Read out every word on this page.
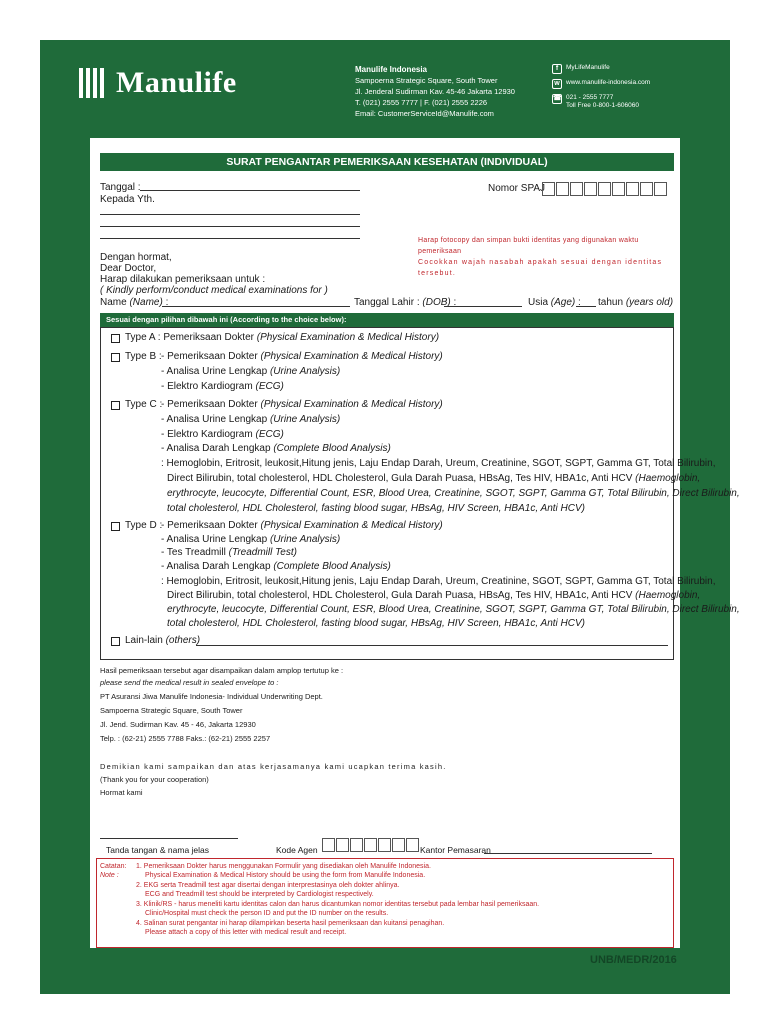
Manulife	Manulife Indonesia
Sampoerna Strategic Square, South Tower
Jl. Jenderal Sudirman Kav. 45-46 Jakarta 12930
T. (021) 2555 7777 | F. (021) 2555 2226
Email: CustomerServiceId@Manulife.com
f	MyLifeManulife
w www.manulife-indonesia.com
☎ 021 - 2555 7777
Toll Free 0-800-1-606060
SURAT PENGANTAR PEMERIKSAAN KESEHATAN (INDIVIDUAL)
Tanggal :
Kepada Yth.
Nomor SPAJ
Harap fotocopy dan simpan bukti identitas yang digunakan waktu pemeriksaan
Cocokkan wajah nasabah apakah sesuai dengan identitas tersebut.
Dengan hormat,
Dear Doctor,
Harap dilakukan pemeriksaan untuk :
( Kindly perform/conduct medical examinations for )
Name (Name) :	Tanggal Lahir : (DOB) :	Usia (Age) : tahun (years old)
Sesuai dengan pilihan dibawah ini (According to the choice below):
Type A : Pemeriksaan Dokter (Physical Examination & Medical History)
Type B : - Pemeriksaan Dokter (Physical Examination & Medical History)
- Analisa Urine Lengkap (Urine Analysis)
- Elektro Kardiogram (ECG)
Type C :
- Pemeriksaan Dokter (Physical Examination & Medical History)
- Analisa Urine Lengkap (Urine Analysis)
- Elektro Kardiogram (ECG)
- Analisa Darah Lengkap (Complete Blood Analysis)
: Hemoglobin, Eritrosit, leukosit,Hitung jenis, Laju Endap Darah, Ureum, Creatinine, SGOT, SGPT, Gamma GT, Total Bilirubin,
Direct Bilirubin, total cholesterol, HDL Cholesterol, Gula Darah Puasa, HBsAg, Tes HIV, HBA1c, Anti HCV (Haemoglobin,
erythrocyte, leucocyte, Differential Count, ESR, Blood Urea, Creatinine, SGOT, SGPT, Gamma GT, Total Bilirubin, Direct Bilirubin,
total cholesterol, HDL Cholesterol, fasting blood sugar, HBsAg, HIV Screen, HBA1c, Anti HCV)
Type D :
- Pemeriksaan Dokter (Physical Examination & Medical History)
- Analisa Urine Lengkap (Urine Analysis)
- Tes Treadmill (Treadmill Test)
- Analisa Darah Lengkap (Complete Blood Analysis)
: Hemoglobin, Eritrosit, leukosit,Hitung jenis, Laju Endap Darah, Ureum, Creatinine, SGOT, SGPT, Gamma GT, Total Bilirubin,
Direct Bilirubin, total cholesterol, HDL Cholesterol, Gula Darah Puasa, HBsAg, Tes HIV, HBA1c, Anti HCV (Haemoglobin,
erythrocyte, leucocyte, Differential Count, ESR, Blood Urea, Creatinine, SGOT, SGPT, Gamma GT, Total Bilirubin, Direct Bilirubin,
total cholesterol, HDL Cholesterol, fasting blood sugar, HBsAg, HIV Screen, HBA1c, Anti HCV)
Lain-lain (others)
Hasil pemeriksaan tersebut agar disampaikan dalam amplop tertutup ke :
please send the medical result in sealed envelope to :
PT Asuransi Jiwa Manulife Indonesia- Individual Underwriting Dept.
Sampoerna Strategic Square, South Tower
Jl. Jend. Sudirman Kav. 45 - 46, Jakarta 12930
Telp. : (62-21) 2555 7788 Faks.: (62-21) 2555 2257
Demikian kami sampaikan dan atas kerjasamanya kami ucapkan terima kasih.
(Thank you for your cooperation)
Hormat kami
Tanda tangan & nama jelas	Kode Agen	Kantor Pemasaran
Catatan:
Note :
1. Pemeriksaan Dokter harus menggunakan Formulir yang disediakan oleh Manulife Indonesia.
Physical Examination & Medical History should be using the form from Manulife Indonesia.
2. EKG serta Treadmill test agar disertai dengan interprestasinya oleh dokter ahlinya.
ECG and Treadmill test should be interpreted by Cardiologist respectively.
3. Klinik/RS - harus meneliti kartu identitas calon dan harus dicantumkan nomor identitas tersebut pada lembar hasil pemeriksaan.
Clinic/Hospital must check the person ID and put the ID number on the results.
4. Salinan surat pengantar ini harap dilampirkan beserta hasil pemeriksaan dan kuitansi penagihan.
Please attach a copy of this letter with medical result and receipt.
UNB/MEDR/2016
